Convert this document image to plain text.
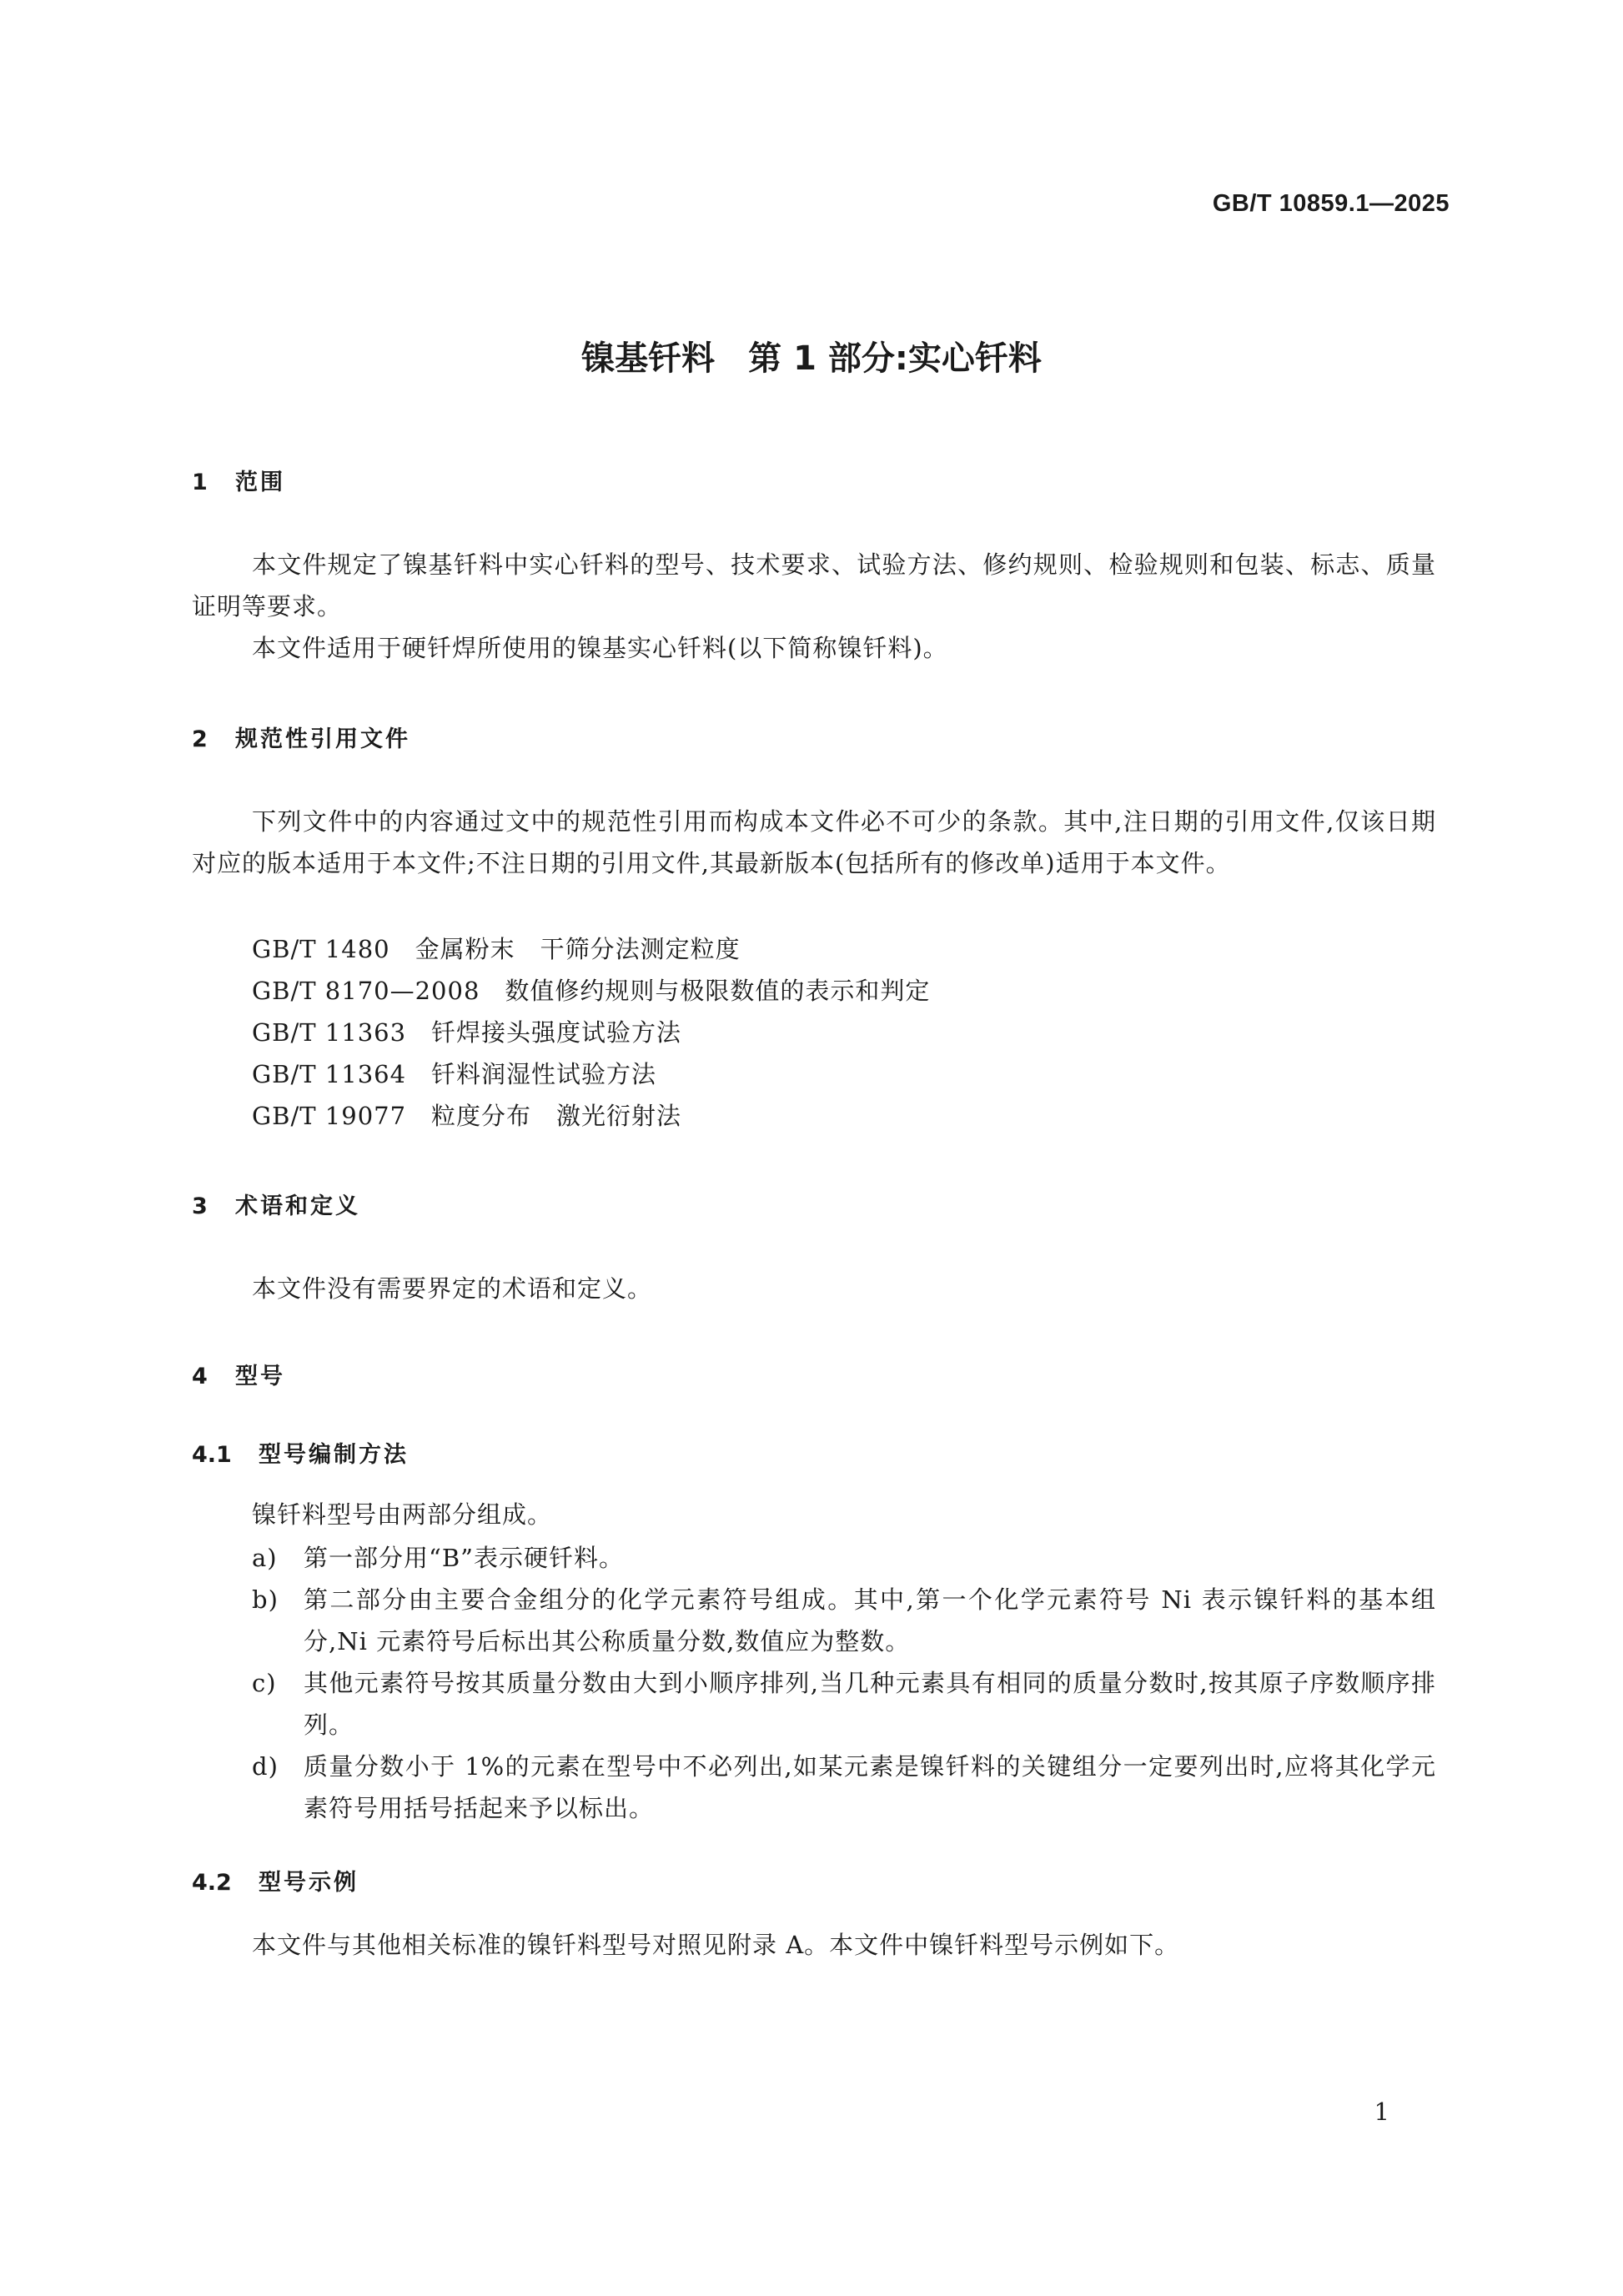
GB/T 10859.1—2025
镍基钎料　第 1 部分:实心钎料
1 范围
本文件规定了镍基钎料中实心钎料的型号、技术要求、试验方法、修约规则、检验规则和包装、标志、质量证明等要求。
本文件适用于硬钎焊所使用的镍基实心钎料(以下简称镍钎料)。
2 规范性引用文件
下列文件中的内容通过文中的规范性引用而构成本文件必不可少的条款。其中,注日期的引用文件,仅该日期对应的版本适用于本文件;不注日期的引用文件,其最新版本(包括所有的修改单)适用于本文件。
GB/T 1480　金属粉末　干筛分法测定粒度
GB/T 8170—2008　数值修约规则与极限数值的表示和判定
GB/T 11363　钎焊接头强度试验方法
GB/T 11364　钎料润湿性试验方法
GB/T 19077　粒度分布　激光衍射法
3 术语和定义
本文件没有需要界定的术语和定义。
4 型号
4.1 型号编制方法
镍钎料型号由两部分组成。
a) 第一部分用“B”表示硬钎料。
b) 第二部分由主要合金组分的化学元素符号组成。其中,第一个化学元素符号 Ni 表示镍钎料的基本组分,Ni 元素符号后标出其公称质量分数,数值应为整数。
c) 其他元素符号按其质量分数由大到小顺序排列,当几种元素具有相同的质量分数时,按其原子序数顺序排列。
d) 质量分数小于 1%的元素在型号中不必列出,如某元素是镍钎料的关键组分一定要列出时,应将其化学元素符号用括号括起来予以标出。
4.2 型号示例
本文件与其他相关标准的镍钎料型号对照见附录 A。本文件中镍钎料型号示例如下。
1
